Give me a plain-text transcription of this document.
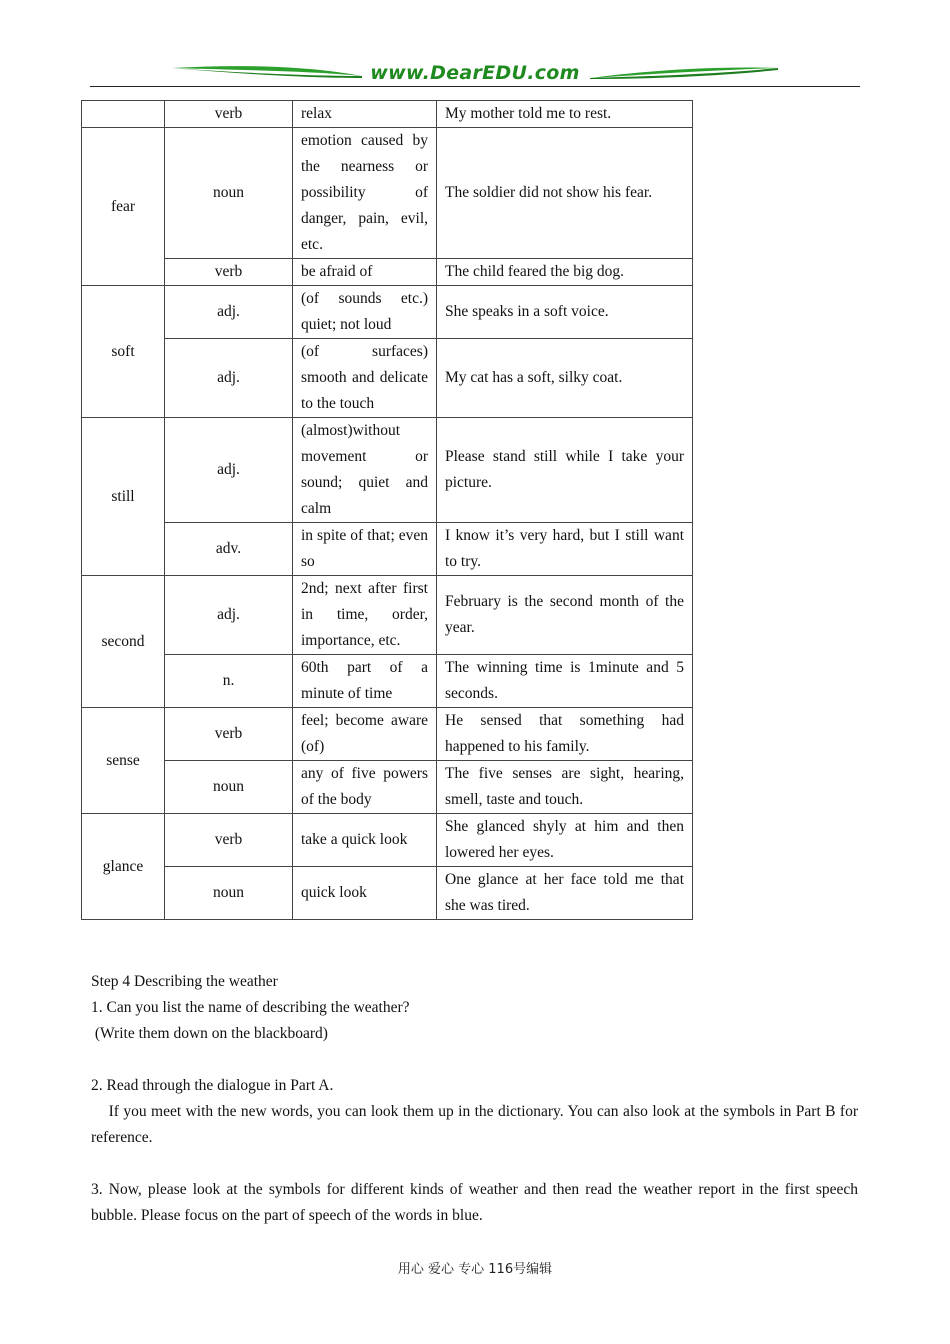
www.DearEDU.com
	verb	relax	My mother told me to rest.
fear	noun	emotion caused by the nearness or possibility of danger, pain, evil, etc.	The soldier did not show his fear.
	verb	be afraid of	The child feared the big dog.
soft	adj.	(of sounds etc.) quiet; not loud	She speaks in a soft voice.
	adj.	(of surfaces) smooth and delicate to the touch	My cat has a soft, silky coat.
still	adj.	(almost)without movement or sound; quiet and calm	Please stand still while I take your picture.
	adv.	in spite of that; even so	I know it’s very hard, but I still want to try.
second	adj.	2nd; next after first in time, order, importance, etc.	February is the second month of the year.
	n.	60th part of a minute of time	The winning time is 1minute and 5 seconds.
sense	verb	feel; become aware (of)	He sensed that something had happened to his family.
	noun	any of five powers of the body	The five senses are sight, hearing, smell, taste and touch.
glance	verb	take a quick look	She glanced shyly at him and then lowered her eyes.
	noun	quick look	One glance at her face told me that she was tired.

Step 4 Describing the weather

1. Can you list the name of describing the weather?

(Write them down on the blackboard)

2. Read through the dialogue in Part A.

If you meet with the new words, you can look them up in the dictionary. You can also look at the symbols in Part B for reference.

3. Now, please look at the symbols for different kinds of weather and then read the weather report in the first speech bubble. Please focus on the part of speech of the words in blue.

用心 爱心 专心 116号编辑
